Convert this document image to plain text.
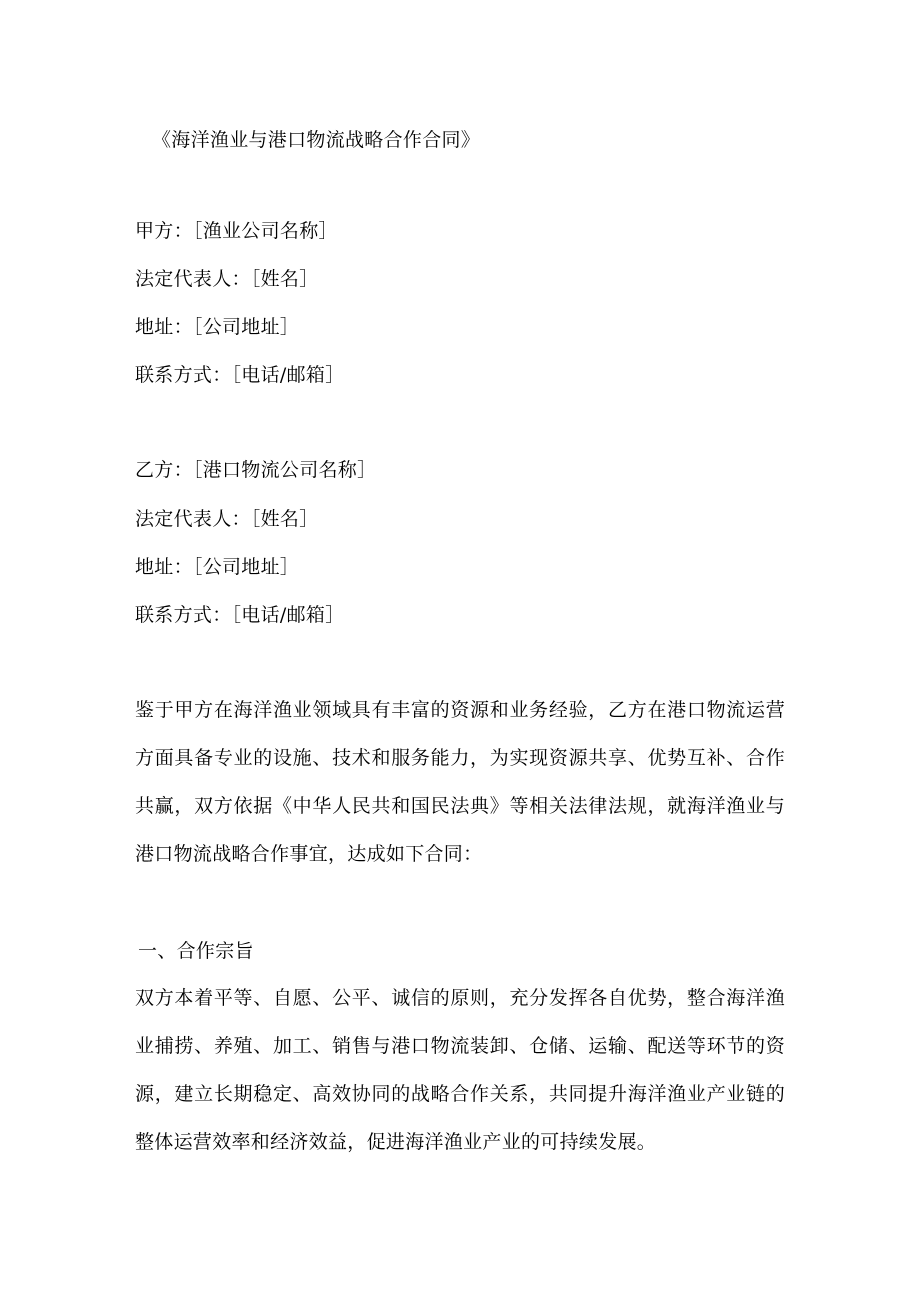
《海洋渔业与港口物流战略合作合同》
甲方：［渔业公司名称］
法定代表人：［姓名］
地址：［公司地址］
联系方式：［电话/邮箱］
乙方：［港口物流公司名称］
法定代表人：［姓名］
地址：［公司地址］
联系方式：［电话/邮箱］
鉴于甲方在海洋渔业领域具有丰富的资源和业务经验，乙方在港口物流运营方面具备专业的设施、技术和服务能力，为实现资源共享、优势互补、合作共赢，双方依据《中华人民共和国民法典》等相关法律法规，就海洋渔业与港口物流战略合作事宜，达成如下合同：
一、合作宗旨
双方本着平等、自愿、公平、诚信的原则，充分发挥各自优势，整合海洋渔业捕捞、养殖、加工、销售与港口物流装卸、仓储、运输、配送等环节的资源，建立长期稳定、高效协同的战略合作关系，共同提升海洋渔业产业链的整体运营效率和经济效益，促进海洋渔业产业的可持续发展。
